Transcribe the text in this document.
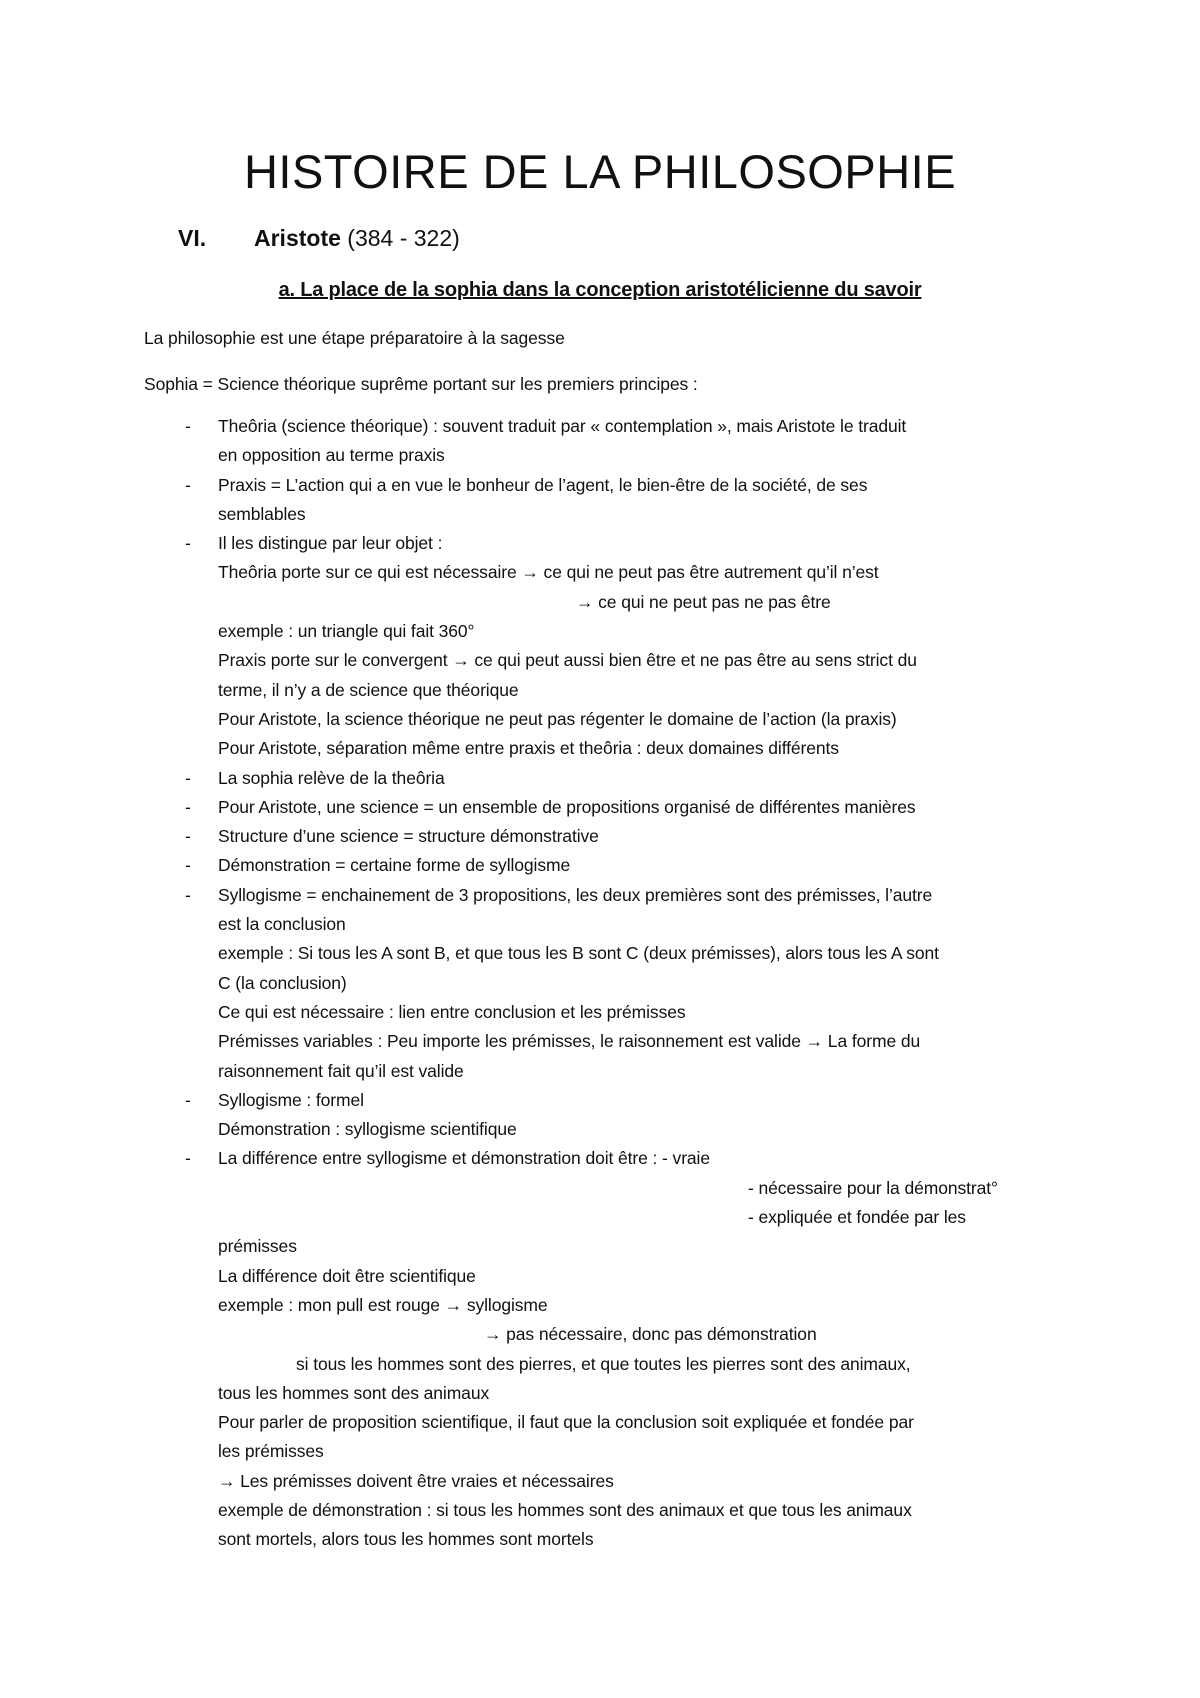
HISTOIRE DE LA PHILOSOPHIE
VI. Aristote (384 - 322)
a. La place de la sophia dans la conception aristotélicienne du savoir
La philosophie est une étape préparatoire à la sagesse
Sophia = Science théorique suprême portant sur les premiers principes :
- Theôria (science théorique) : souvent traduit par « contemplation », mais Aristote le traduit
en opposition au terme praxis
- Praxis = L’action qui a en vue le bonheur de l’agent, le bien-être de la société, de ses
semblables
- Il les distingue par leur objet :
Theôria porte sur ce qui est nécessaire → ce qui ne peut pas être autrement qu’il n’est
→ ce qui ne peut pas ne pas être
exemple : un triangle qui fait 360°
Praxis porte sur le convergent → ce qui peut aussi bien être et ne pas être au sens strict du
terme, il n’y a de science que théorique
Pour Aristote, la science théorique ne peut pas régenter le domaine de l’action (la praxis)
Pour Aristote, séparation même entre praxis et theôria : deux domaines différents
- La sophia relève de la theôria
- Pour Aristote, une science = un ensemble de propositions organisé de différentes manières
- Structure d’une science = structure démonstrative
- Démonstration = certaine forme de syllogisme
- Syllogisme = enchainement de 3 propositions, les deux premières sont des prémisses, l’autre
est la conclusion
exemple : Si tous les A sont B, et que tous les B sont C (deux prémisses), alors tous les A sont
C (la conclusion)
Ce qui est nécessaire : lien entre conclusion et les prémisses
Prémisses variables : Peu importe les prémisses, le raisonnement est valide → La forme du
raisonnement fait qu’il est valide
- Syllogisme : formel
Démonstration : syllogisme scientifique
- La différence entre syllogisme et démonstration doit être : - vraie
- nécessaire pour la démonstrat°
- expliquée et fondée par les
prémisses
La différence doit être scientifique
exemple : mon pull est rouge → syllogisme
→ pas nécessaire, donc pas démonstration
si tous les hommes sont des pierres, et que toutes les pierres sont des animaux,
tous les hommes sont des animaux
Pour parler de proposition scientifique, il faut que la conclusion soit expliquée et fondée par
les prémisses
→ Les prémisses doivent être vraies et nécessaires
exemple de démonstration : si tous les hommes sont des animaux et que tous les animaux
sont mortels, alors tous les hommes sont mortels
